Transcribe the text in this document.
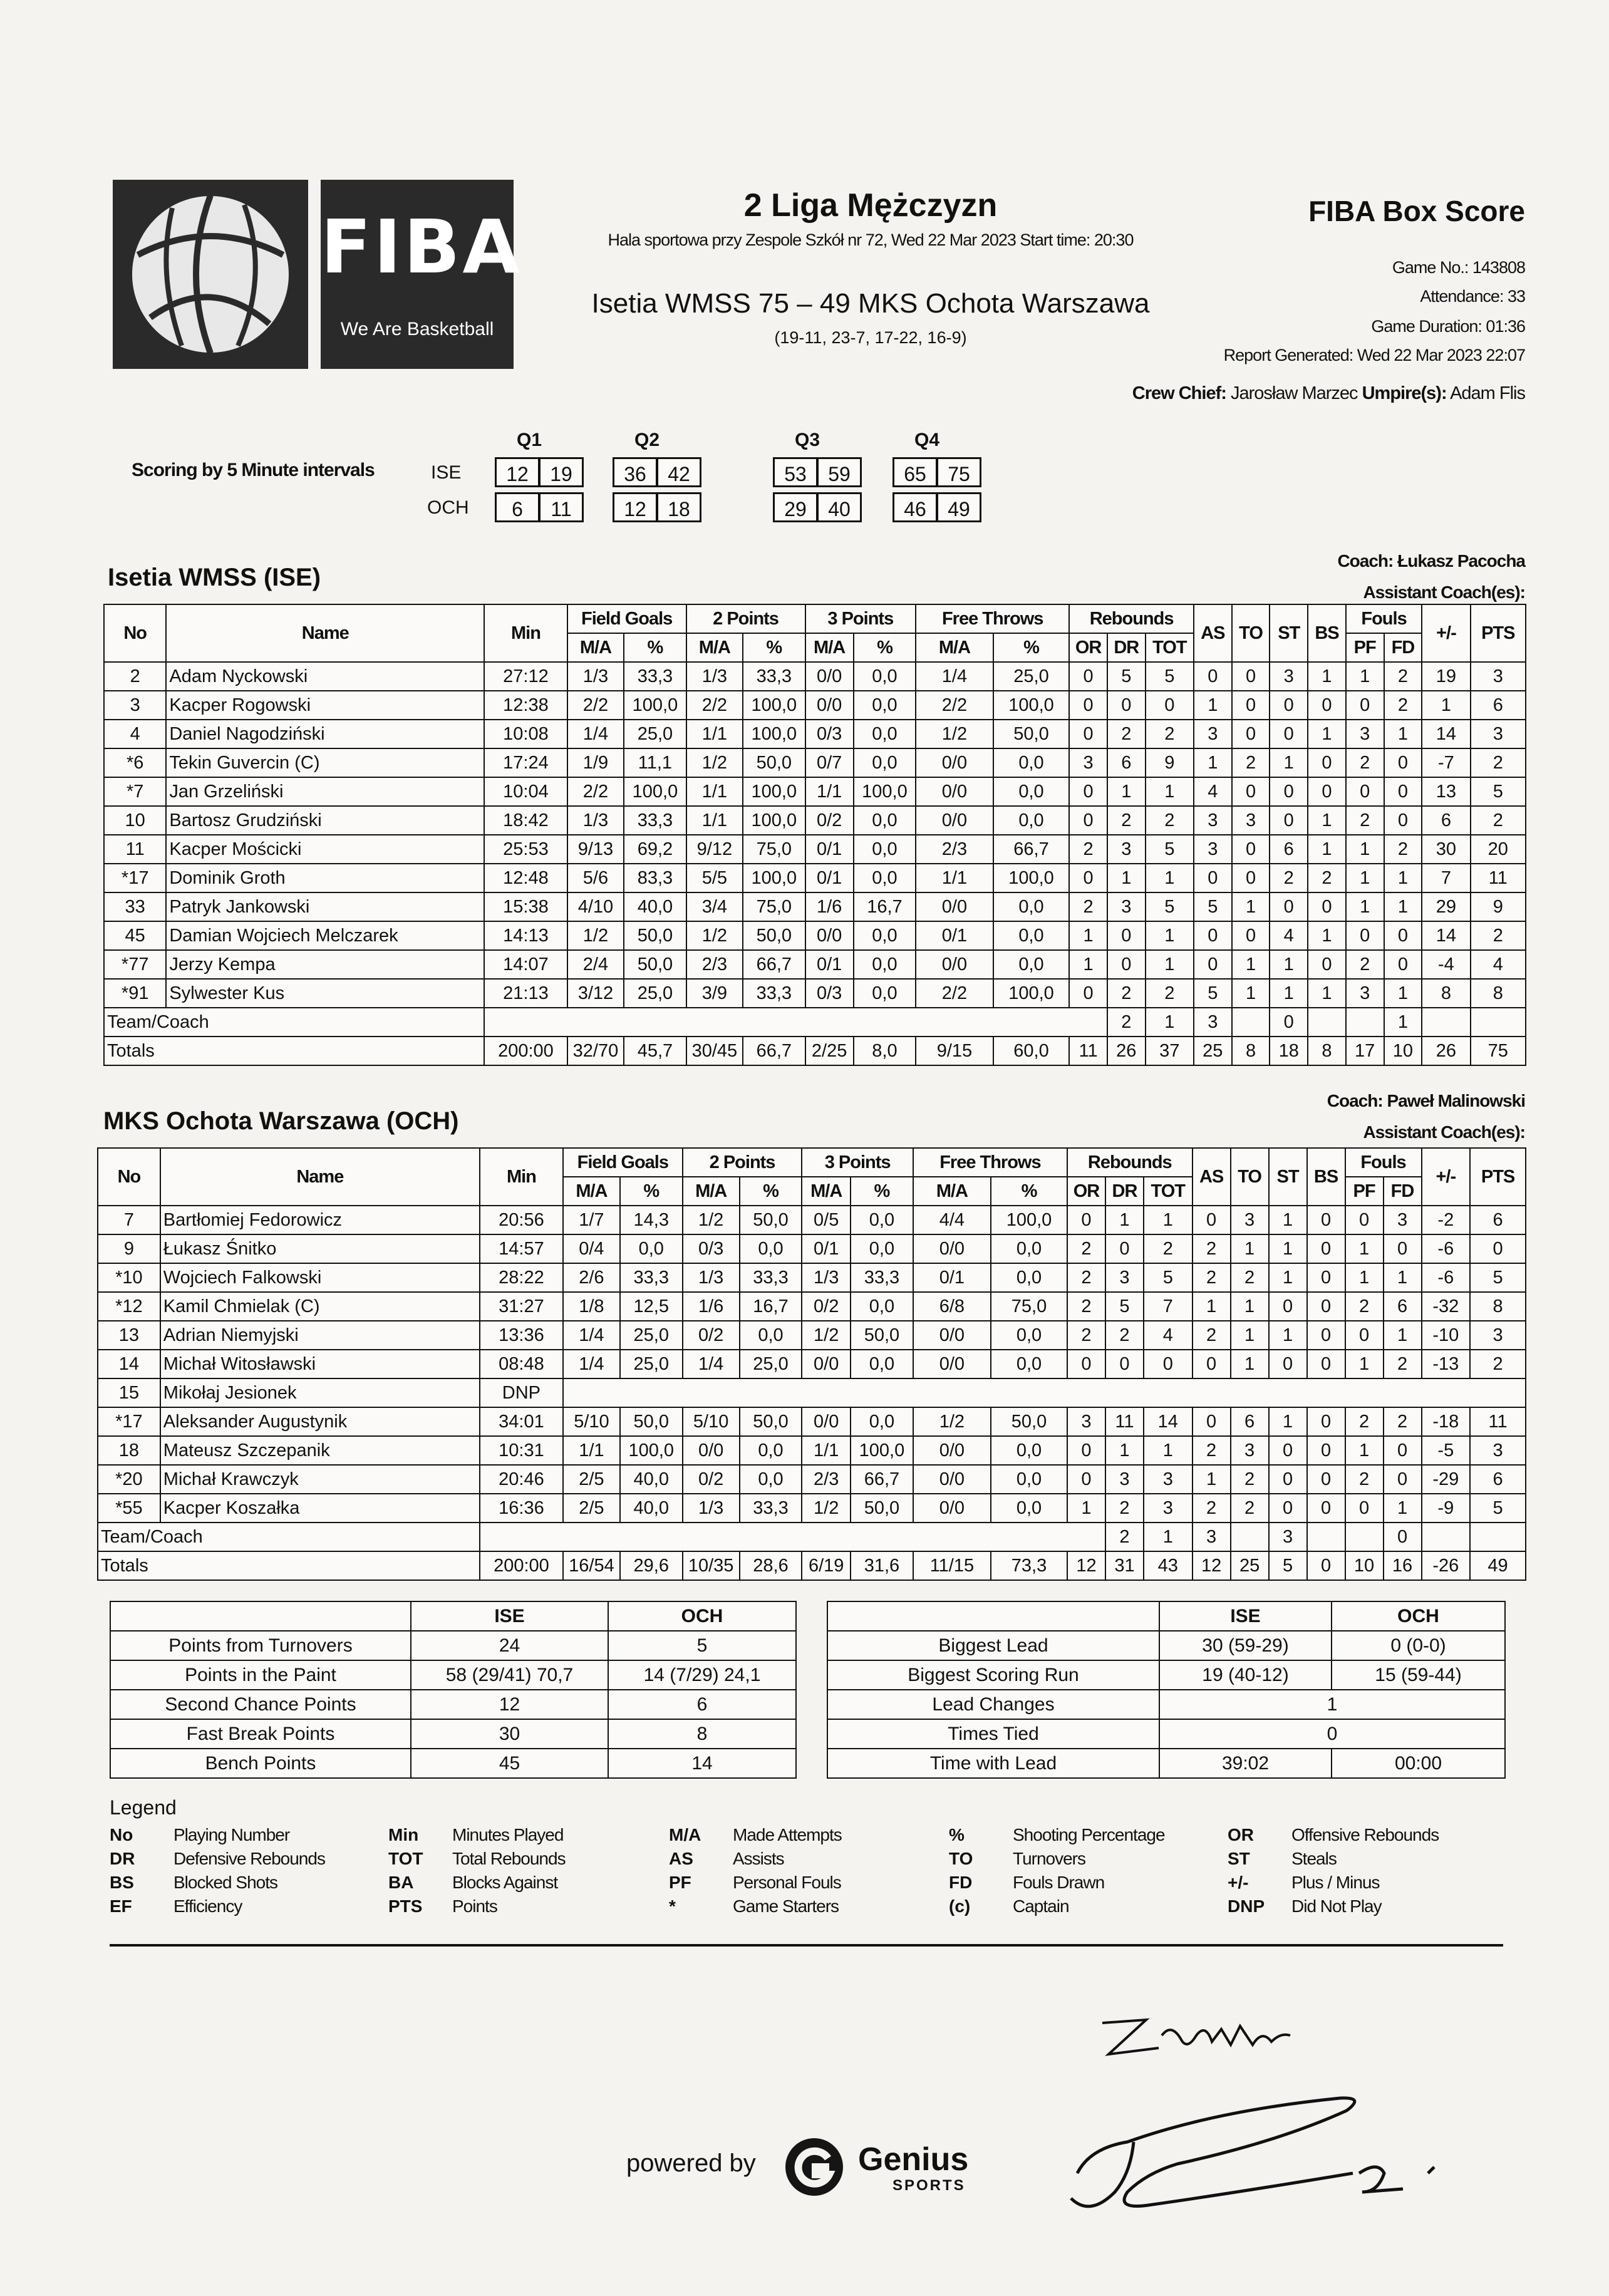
FIBA
We Are Basketball
2 Liga Mężczyzn
Hala sportowa przy Zespole Szkół nr 72, Wed 22 Mar 2023 Start time: 20:30
Isetia WMSS 75 – 49 MKS Ochota Warszawa
(19-11, 23-7, 17-22, 16-9)
FIBA Box Score
Game No.: 143808
Attendance: 33
Game Duration: 01:36
Report Generated: Wed 22 Mar 2023 22:07
Crew Chief: Jarosław Marzec Umpire(s): Adam Flis
Scoring by 5 Minute intervals
Q1	Q2	Q3	Q4
ISE	12	19	36	42	53	59	65	75
OCH	6	11	12	18	29	40	46	49
Isetia WMSS (ISE)
Coach: Łukasz Pacocha
Assistant Coach(es):
No	Name	Min	Field Goals		2 Points		3 Points		Free Throws		Rebounds			AS	TO	ST	BS	Fouls		+/-	PTS
			M/A	%	M/A	%	M/A	%	M/A	%	OR	DR	TOT					PF	FD		
2	Adam Nyckowski	27:12	1/3	33,3	1/3	33,3	0/0	0,0	1/4	25,0	0	5	5	0	0	3	1	1	2	19	3
3	Kacper Rogowski	12:38	2/2	100,0	2/2	100,0	0/0	0,0	2/2	100,0	0	0	0	1	0	0	0	0	2	1	6
4	Daniel Nagodziński	10:08	1/4	25,0	1/1	100,0	0/3	0,0	1/2	50,0	0	2	2	3	0	0	1	3	1	14	3
*6	Tekin Guvercin (C)	17:24	1/9	11,1	1/2	50,0	0/7	0,0	0/0	0,0	3	6	9	1	2	1	0	2	0	-7	2
*7	Jan Grzeliński	10:04	2/2	100,0	1/1	100,0	1/1	100,0	0/0	0,0	0	1	1	4	0	0	0	0	0	13	5
10	Bartosz Grudziński	18:42	1/3	33,3	1/1	100,0	0/2	0,0	0/0	0,0	0	2	2	3	3	0	1	2	0	6	2
11	Kacper Mościcki	25:53	9/13	69,2	9/12	75,0	0/1	0,0	2/3	66,7	2	3	5	3	0	6	1	1	2	30	20
*17	Dominik Groth	12:48	5/6	83,3	5/5	100,0	0/1	0,0	1/1	100,0	0	1	1	0	0	2	2	1	1	7	11
33	Patryk Jankowski	15:38	4/10	40,0	3/4	75,0	1/6	16,7	0/0	0,0	2	3	5	5	1	0	0	1	1	29	9
45	Damian Wojciech Melczarek	14:13	1/2	50,0	1/2	50,0	0/0	0,0	0/1	0,0	1	0	1	0	0	4	1	0	0	14	2
*77	Jerzy Kempa	14:07	2/4	50,0	2/3	66,7	0/1	0,0	0/0	0,0	1	0	1	0	1	1	0	2	0	-4	4
*91	Sylwester Kus	21:13	3/12	25,0	3/9	33,3	0/3	0,0	2/2	100,0	0	2	2	5	1	1	1	3	1	8	8
Team/Coach												2	1	3		0			1		
Totals		200:00	32/70	45,7	30/45	66,7	2/25	8,0	9/15	60,0	11	26	37	25	8	18	8	17	10	26	75
MKS Ochota Warszawa (OCH)
Coach: Paweł Malinowski
Assistant Coach(es):
No	Name	Min	Field Goals		2 Points		3 Points		Free Throws		Rebounds			AS	TO	ST	BS	Fouls		+/-	PTS
			M/A	%	M/A	%	M/A	%	M/A	%	OR	DR	TOT					PF	FD		
7	Bartłomiej Fedorowicz	20:56	1/7	14,3	1/2	50,0	0/5	0,0	4/4	100,0	0	1	1	0	3	1	0	0	3	-2	6
9	Łukasz Śnitko	14:57	0/4	0,0	0/3	0,0	0/1	0,0	0/0	0,0	2	0	2	2	1	1	0	1	0	-6	0
*10	Wojciech Falkowski	28:22	2/6	33,3	1/3	33,3	1/3	33,3	0/1	0,0	2	3	5	2	2	1	0	1	1	-6	5
*12	Kamil Chmielak (C)	31:27	1/8	12,5	1/6	16,7	0/2	0,0	6/8	75,0	2	5	7	1	1	0	0	2	6	-32	8
13	Adrian Niemyjski	13:36	1/4	25,0	0/2	0,0	1/2	50,0	0/0	0,0	2	2	4	2	1	1	0	0	1	-10	3
14	Michał Witosławski	08:48	1/4	25,0	1/4	25,0	0/0	0,0	0/0	0,0	0	0	0	0	1	0	0	1	2	-13	2
15	Mikołaj Jesionek	DNP																			
*17	Aleksander Augustynik	34:01	5/10	50,0	5/10	50,0	0/0	0,0	1/2	50,0	3	11	14	0	6	1	0	2	2	-18	11
18	Mateusz Szczepanik	10:31	1/1	100,0	0/0	0,0	1/1	100,0	0/0	0,0	0	1	1	2	3	0	0	1	0	-5	3
*20	Michał Krawczyk	20:46	2/5	40,0	0/2	0,0	2/3	66,7	0/0	0,0	0	3	3	1	2	0	0	2	0	-29	6
*55	Kacper Koszałka	16:36	2/5	40,0	1/3	33,3	1/2	50,0	0/0	0,0	1	2	3	2	2	0	0	0	1	-9	5
Team/Coach												2	1	3		3			0		
Totals		200:00	16/54	29,6	10/35	28,6	6/19	31,6	11/15	73,3	12	31	43	12	25	5	0	10	16	-26	49
	ISE	OCH
Points from Turnovers	24	5
Points in the Paint	58 (29/41) 70,7	14 (7/29) 24,1
Second Chance Points	12	6
Fast Break Points	30	8
Bench Points	45	14
	ISE	OCH
Biggest Lead	30 (59-29)	0 (0-0)
Biggest Scoring Run	19 (40-12)	15 (59-44)
Lead Changes	1	
Times Tied	0	
Time with Lead	39:02	00:00
Legend
No Playing Number	Min Minutes Played	M/A Made Attempts	%	Shooting Percentage	OR Offensive Rebounds
DR Defensive Rebounds	TOT Total Rebounds	AS Assists	TO Turnovers	ST Steals
BS Blocked Shots	BA Blocks Against	PF Personal Fouls	FD Fouls Drawn	+/- Plus / Minus
EF Efficiency	PTS Points	*	Game Starters	(c) Captain	DNP Did Not Play
powered by	Genius
SPORTS
